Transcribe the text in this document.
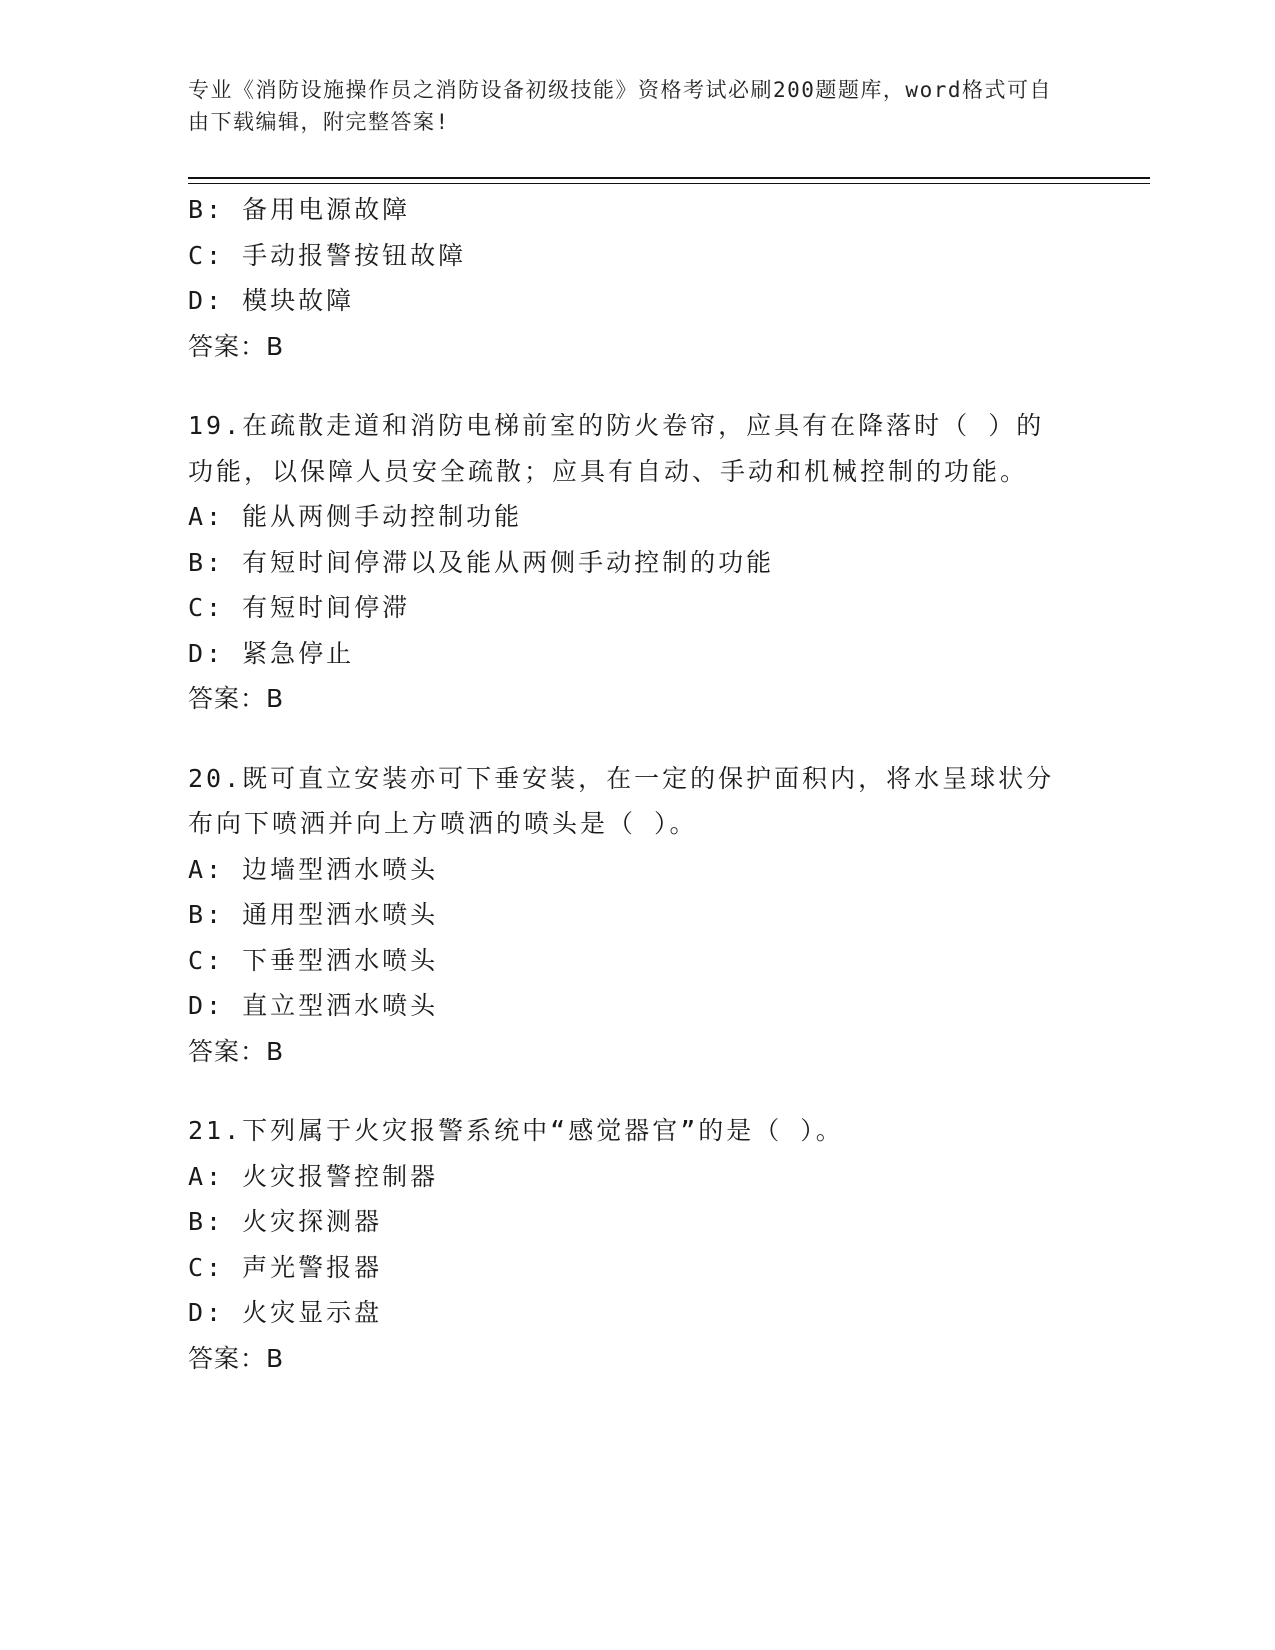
专业《消防设施操作员之消防设备初级技能》资格考试必刷200题题库，word格式可自由下载编辑，附完整答案!
B: 备用电源故障
C: 手动报警按钮故障
D: 模块故障
答案：B
19.在疏散走道和消防电梯前室的防火卷帘，应具有在降落时（ ）的
功能，以保障人员安全疏散；应具有自动、手动和机械控制的功能。
A: 能从两侧手动控制功能
B: 有短时间停滞以及能从两侧手动控制的功能
C: 有短时间停滞
D: 紧急停止
答案：B
20.既可直立安装亦可下垂安装，在一定的保护面积内，将水呈球状分
布向下喷洒并向上方喷洒的喷头是（ ）。
A: 边墙型洒水喷头
B: 通用型洒水喷头
C: 下垂型洒水喷头
D: 直立型洒水喷头
答案：B
21.下列属于火灾报警系统中“感觉器官”的是（ ）。
A: 火灾报警控制器
B: 火灾探测器
C: 声光警报器
D: 火灾显示盘
答案：B
